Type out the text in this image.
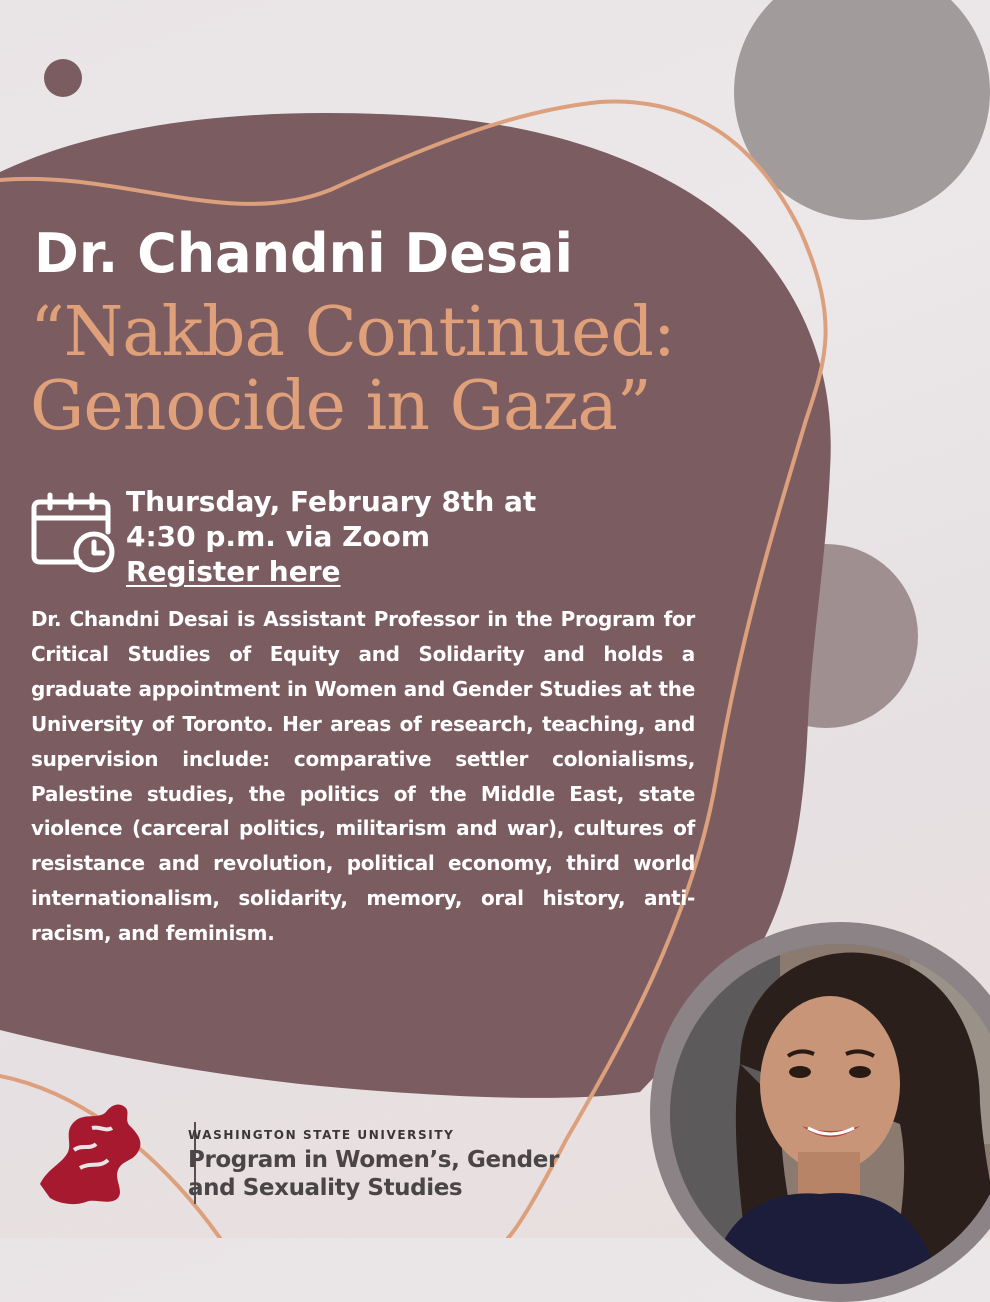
Dr. Chandni Desai
“Nakba Continued:
Genocide in Gaza”
Thursday, February 8th at
4:30 p.m. via Zoom
Register here

Dr. Chandni Desai is Assistant Professor in the Program for Critical Studies of Equity and Solidarity and holds a graduate appointment in Women and Gender Studies at the University of Toronto. Her areas of research, teaching, and supervision include: comparative settler colonialisms, Palestine studies, the politics of the Middle East, state violence (carceral politics, militarism and war), cultures of resistance and revolution, political economy, third world internationalism, solidarity, memory, oral history, anti-racism, and feminism.

WASHINGTON STATE UNIVERSITY

Program in Women’s, Gender
and Sexuality Studies
